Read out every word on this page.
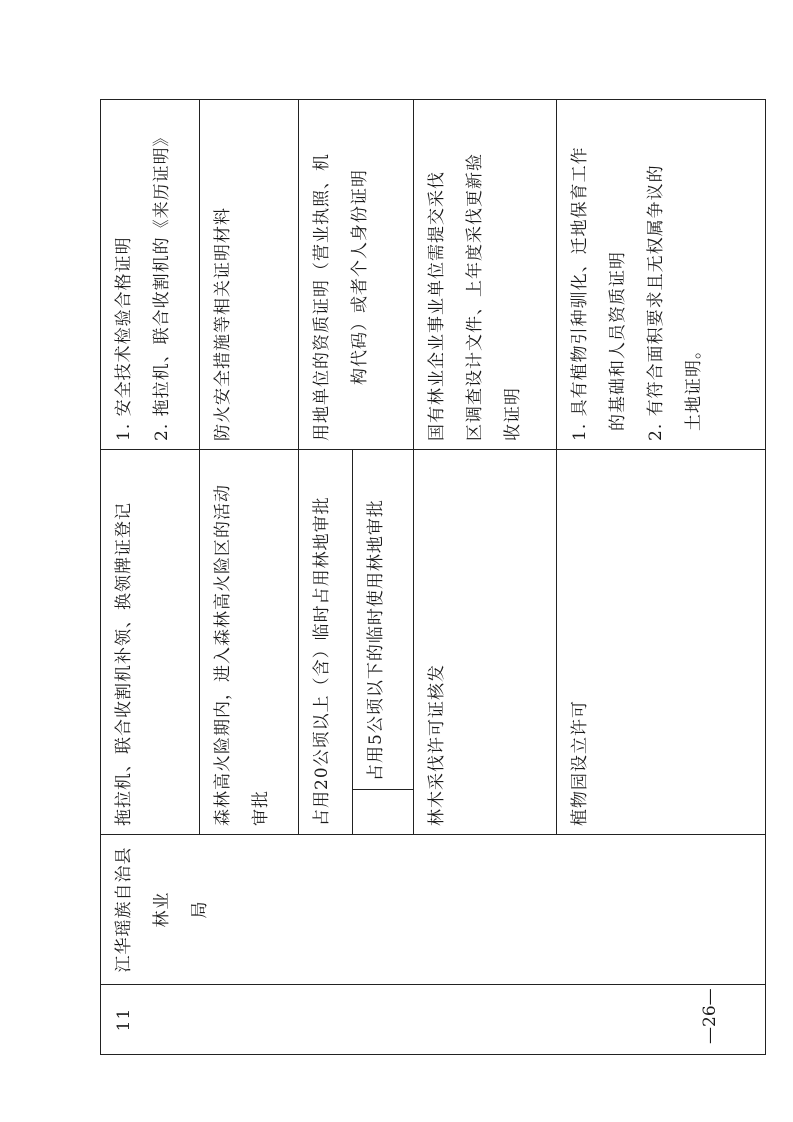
11	江华瑶族自治县林业 局	拖拉机、联合收割机补领、换领牌证登记		1. 安全技术检验合格证明 2. 拖拉机、联合收割机的《来历证明》

		森林高火险期内，进入森林高火险区的活动 审批		防火安全措施等相关证明材料

		占用20公顷以上（含）临时占用林地审批		用地单位的资质证明（营业执照、机 构代码）或者个人身份证明

			占用5公顷以下的临时使用林地审批	

		林木采伐许可证核发		国有林业企业事业单位需提交采伐 区调查设计文件、上年度采伐更新验 收证明

		植物园设立许可		1. 具有植物引种驯化、迁地保育工作 的基础和人员资质证明 2. 有符合面积要求且无权属争议的 土地证明。
—26—
